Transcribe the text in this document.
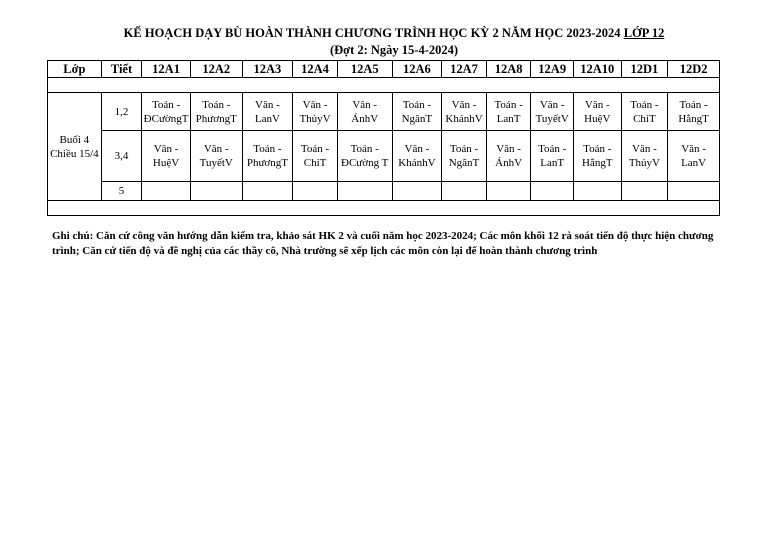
KẾ HOẠCH DẠY BÙ HOÀN THÀNH CHƯƠNG TRÌNH HỌC KỲ 2 NĂM HỌC 2023-2024 LỚP 12
(Đợt 2: Ngày 15-4-2024)
Lớp	Tiết	12A1	12A2	12A3	12A4	12A5	12A6	12A7	12A8	12A9	12A10	12D1	12D2

Buổi 4 Chiều 15/4	1,2	Toán - ĐCườngT	Toán - PhươngT	Văn - LanV	Văn - ThủyV	Văn - ÁnhV	Toán - NgânT	Văn - KhánhV	Toán - LanT	Văn - TuyếtV	Văn - HuệV	Toán - ChiT	Toán - HằngT
	3,4	Văn - HuệV	Văn - TuyếtV	Toán - PhươngT	Toán - ChiT	Toán - ĐCường T	Văn - KhánhV	Toán - NgânT	Văn - ÁnhV	Toán - LanT	Toán - HằngT	Văn - ThủyV	Văn - LanV
	5												

Ghi chú: Căn cứ công văn hướng dẫn kiểm tra, khảo sát HK 2 và cuối năm học 2023-2024; Các môn khối 12 rà soát tiến độ thực hiện chương trình; Căn cứ tiến độ và đề nghị của các thầy cô, Nhà trường sẽ xếp lịch các môn còn lại để hoàn thành chương trình
